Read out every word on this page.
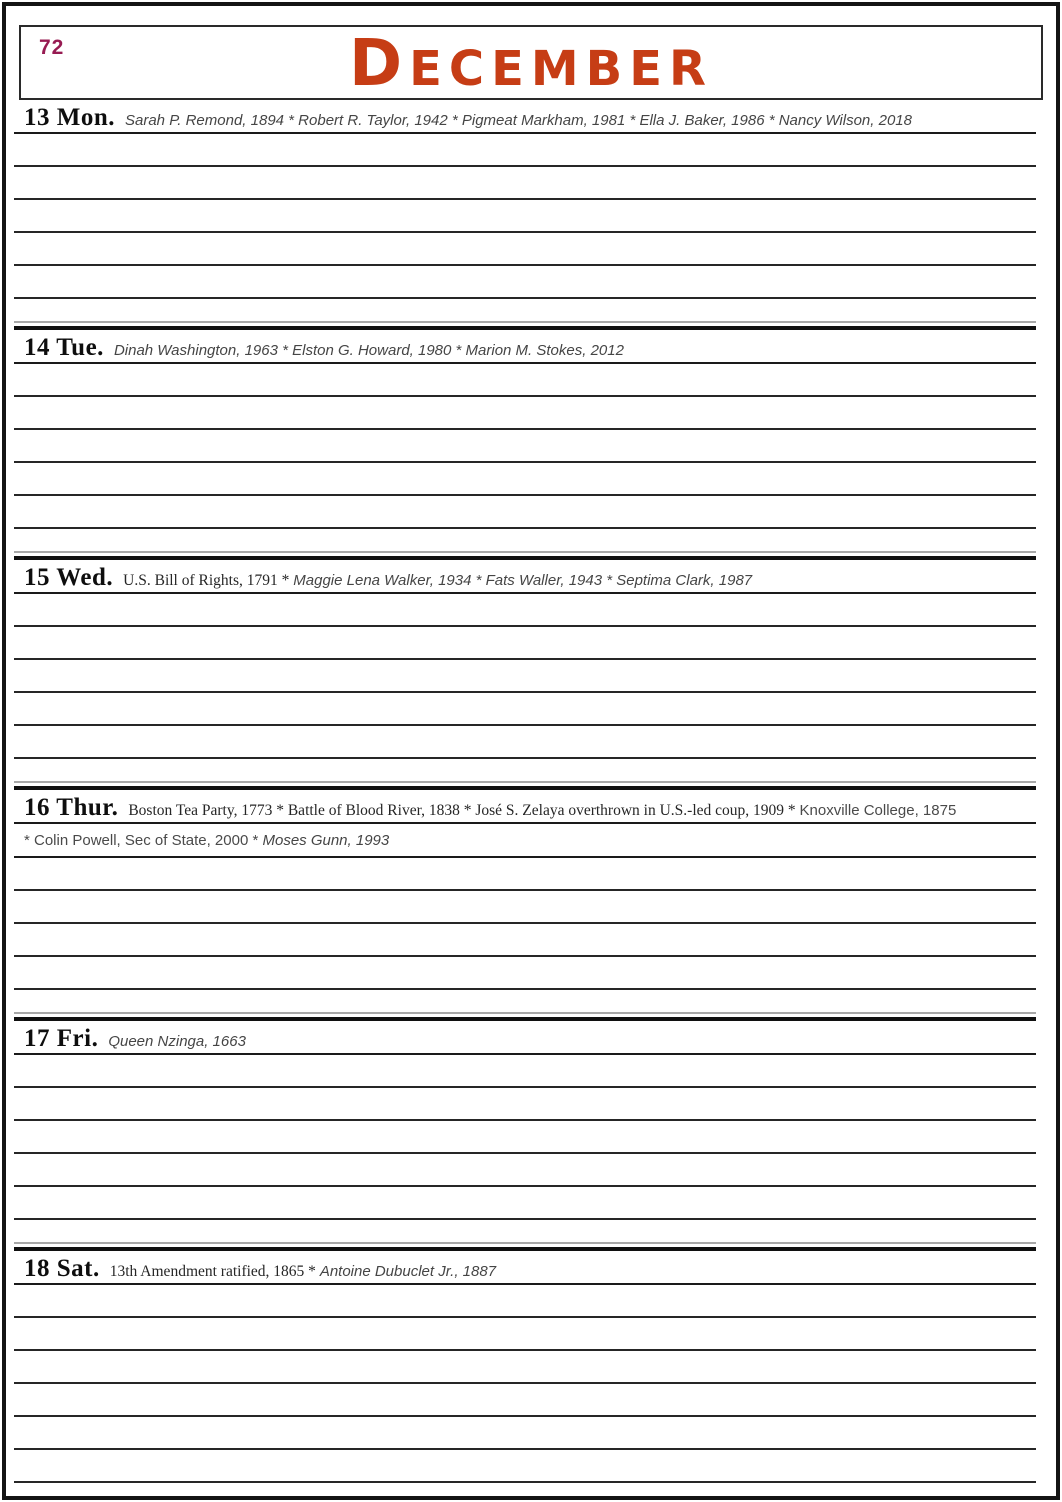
72	DECEMBER
13 Mon. Sarah P. Remond, 1894 * Robert R. Taylor, 1942 * Pigmeat Markham, 1981 * Ella J. Baker, 1986 * Nancy Wilson, 2018
14 Tue. Dinah Washington, 1963 * Elston G. Howard, 1980 * Marion M. Stokes, 2012
15 Wed. U.S. Bill of Rights, 1791 * Maggie Lena Walker, 1934 * Fats Waller, 1943 * Septima Clark, 1987
16 Thur. Boston Tea Party, 1773 * Battle of Blood River, 1838 * José S. Zelaya overthrown in U.S.-led coup, 1909 * Knoxville College, 1875
* Colin Powell, Sec of State, 2000 * Moses Gunn, 1993
17 Fri. Queen Nzinga, 1663
18 Sat. 13th Amendment ratified, 1865 * Antoine Dubuclet Jr., 1887
